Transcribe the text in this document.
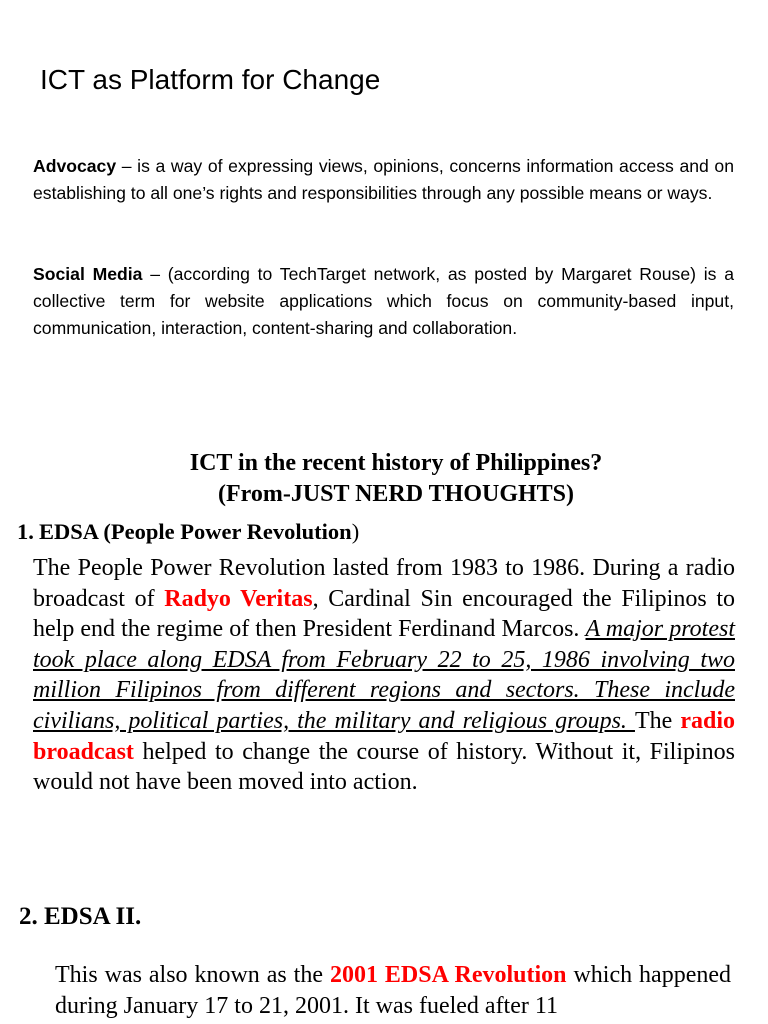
ICT as Platform for Change

Advocacy – is a way of expressing views, opinions, concerns information access and on establishing to all one’s rights and responsibilities through any possible means or ways.

Social Media – (according to TechTarget network, as posted by Margaret Rouse) is a collective term for website applications which focus on community-based input, communication, interaction, content-sharing and collaboration.

ICT in the recent history of Philippines?
(From-JUST NERD THOUGHTS)
1. EDSA (People Power Revolution)

The People Power Revolution lasted from 1983 to 1986. During a radio broadcast of Radyo Veritas, Cardinal Sin encouraged the Filipinos to help end the regime of then President Ferdinand Marcos. A major protest took place along EDSA from February 22 to 25, 1986 involving two million Filipinos from different regions and sectors. These include civilians, political parties, the military and religious groups. The radio broadcast helped to change the course of history. Without it, Filipinos would not have been moved into action.

2. EDSA II.

This was also known as the 2001 EDSA Revolution which happened during January 17 to 21, 2001. It was fueled after 11
